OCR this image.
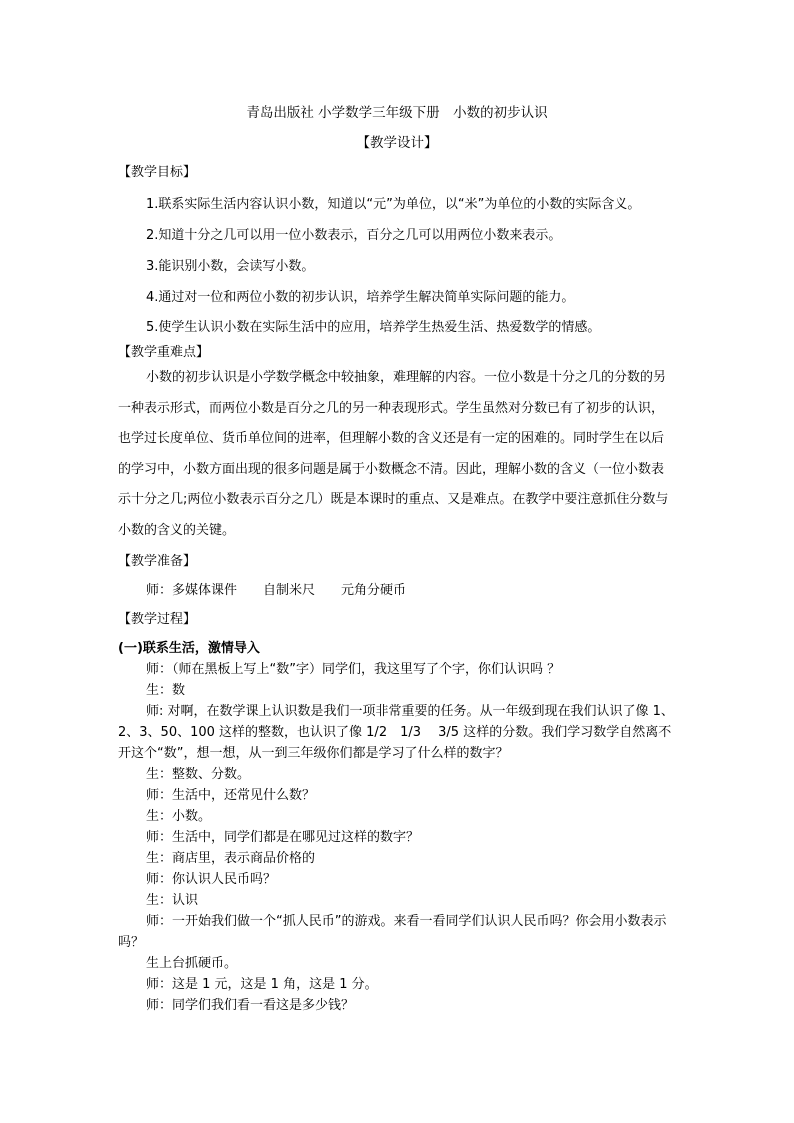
青岛出版社 小学数学三年级下册　小数的初步认识
【教学设计】
【教学目标】
1.联系实际生活内容认识小数，知道以“元”为单位，以“米”为单位的小数的实际含义。
2.知道十分之几可以用一位小数表示，百分之几可以用两位小数来表示。
3.能识别小数，会读写小数。
4.通过对一位和两位小数的初步认识，培养学生解决简单实际问题的能力。
5.使学生认识小数在实际生活中的应用，培养学生热爱生活、热爱数学的情感。
【教学重难点】
小数的初步认识是小学数学概念中较抽象，难理解的内容。一位小数是十分之几的分数的另一种表示形式，而两位小数是百分之几的另一种表现形式。学生虽然对分数已有了初步的认识，也学过长度单位、货币单位间的进率，但理解小数的含义还是有一定的困难的。同时学生在以后的学习中，小数方面出现的很多问题是属于小数概念不清。因此，理解小数的含义（一位小数表示十分之几;两位小数表示百分之几）既是本课时的重点、又是难点。在教学中要注意抓住分数与小数的含义的关键。
【教学准备】
师：多媒体课件　　自制米尺　　元角分硬币
【教学过程】
(一)联系生活，激情导入
师：（师在黑板上写上“数”字）同学们，我这里写了个字，你们认识吗 ？
生：数
师: 对啊，在数学课上认识数是我们一项非常重要的任务。从一年级到现在我们认识了像 1、2、3、50、100 这样的整数，也认识了像 1/2　1/3　 3/5 这样的分数。我们学习数学自然离不开这个“数”，想一想，从一到三年级你们都是学习了什么样的数字？
生：整数、分数。
师：生活中，还常见什么数？
生：小数。
师：生活中，同学们都是在哪见过这样的数字？
生：商店里，表示商品价格的
师：你认识人民币吗？
生：认识
师：一开始我们做一个“抓人民币”的游戏。来看一看同学们认识人民币吗？你会用小数表示吗？
生上台抓硬币。
师：这是 1 元，这是 1 角，这是 1 分。
师：同学们我们看一看这是多少钱？
